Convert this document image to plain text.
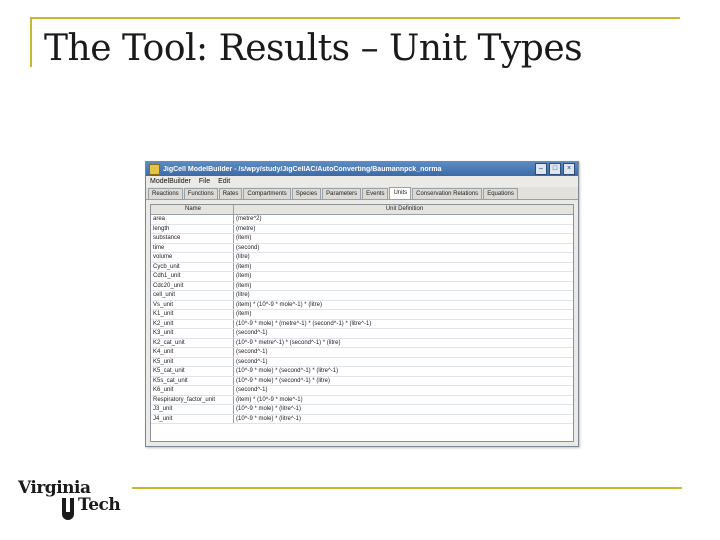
The Tool: Results – Unit Types
JigCell ModelBuilder - /s/wpy/study/JigCellAC/AutoConverting/Baumannpck_norma	–	□	×
ModelBuilder File Edit
Reactions	Functions	Rates	Compartments	Species	Parameters	Events	Units	Conservation Relations	Equations
Name	Unit Definition
area	(metre^2)
length	(metre)
substance	(item)
time	(second)
volume	(litre)
Cycb_unit	(item)
Cdh1_unit	(item)
Cdc20_unit	(item)
cell_unit	(litre)
Vs_unit	(item) * (10^-9 * mole^-1) * (litre)
K1_unit	(item)
K2_unit	(10^-9 * mole) * (metre^-1) * (second^-1) * (litre^-1)
K3_unit	(second^-1)
K2_cat_unit	(10^-9 * metre^-1) * (second^-1) * (litre)
K4_unit	(second^-1)
K5_unit	(second^-1)
K5_cat_unit	(10^-9 * mole) * (second^-1) * (litre^-1)
K5s_cat_unit	(10^-9 * mole) * (second^-1) * (litre)
K6_unit	(second^-1)
Respiratory_factor_unit	(item) * (10^-9 * mole^-1)
J3_unit	(10^-9 * mole) * (litre^-1)
J4_unit	(10^-9 * mole) * (litre^-1)
Virginia
Tech
